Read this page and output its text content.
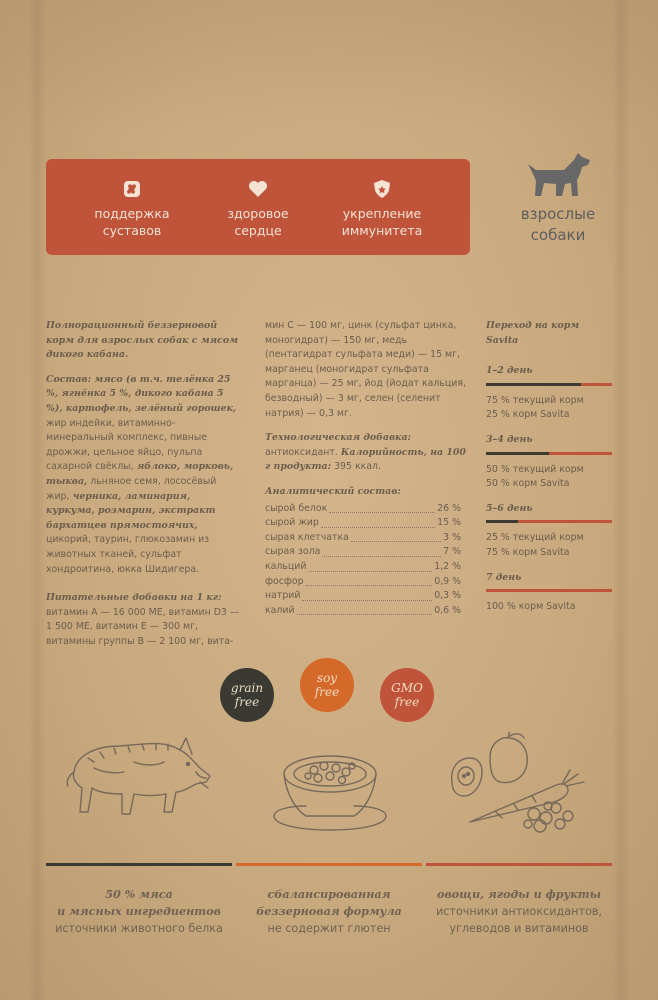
поддержка
суставов
здоровое
сердце
укрепление
иммунитета
взрослые
собаки

Полнорационный беззерновой
корм для взрослых собак с мясом
дикого кабана.

Состав: мясо (в т.ч. телёнка 25 %, ягнёнка 5 %, дикого кабана 5 %), картофель, зелёный горошек, жир индейки, витаминно-минеральный комплекс, пивные дрожжи, цельное яйцо, пульпа сахарной свёклы, яблоко, морковь, тыква, льняное семя, лососёвый жир, черника, ламинария, куркума, розмарин, экстракт бархатцев прямостоячих, цикорий, таурин, глюкозамин из животных тканей, сульфат хондроитина, юкка Шидигера.

Питательные добавки на 1 кг:
витамин А — 16 000 МЕ, витамин D3 —1 500 МЕ, витамин Е — 300 мг, витамины группы В — 2 100 мг, вита-

мин С — 100 мг, цинк (сульфат цинка, моногидрат) — 150 мг, медь (пентагидрат сульфата меди) — 15 мг, марганец (моногидрат сульфата марганца) — 25 мг, йод (йодат кальция, безводный) — 3 мг, селен (селенит натрия) — 0,3 мг.

Технологическая добавка:
антиоксидант. Калорийность, на 100 г продукта: 395 ккал.

Аналитический состав:
сырой белок	26 %
сырой жир	15 %
сырая клетчатка	3 %
сырая зола	7 %
кальций	1,2 %
фосфор	0,9 %
натрий	0,3 %
калий	0,6 %
Переход на корм Savita
1–2 день
75 % текущий корм
25 % корм Savita
3–4 день
50 % текущий корм
50 % корм Savita
5–6 день
25 % текущий корм
75 % корм Savita
7 день
100 % корм Savita
grain
free
soy
free	GMO
free
50 % мяса
и мясных ингредиентов
источники животного белка
сбалансированная
беззерновая формула
не содержит глютен
овощи, ягоды и фрукты
источники антиоксидантов,
углеводов и витаминов
